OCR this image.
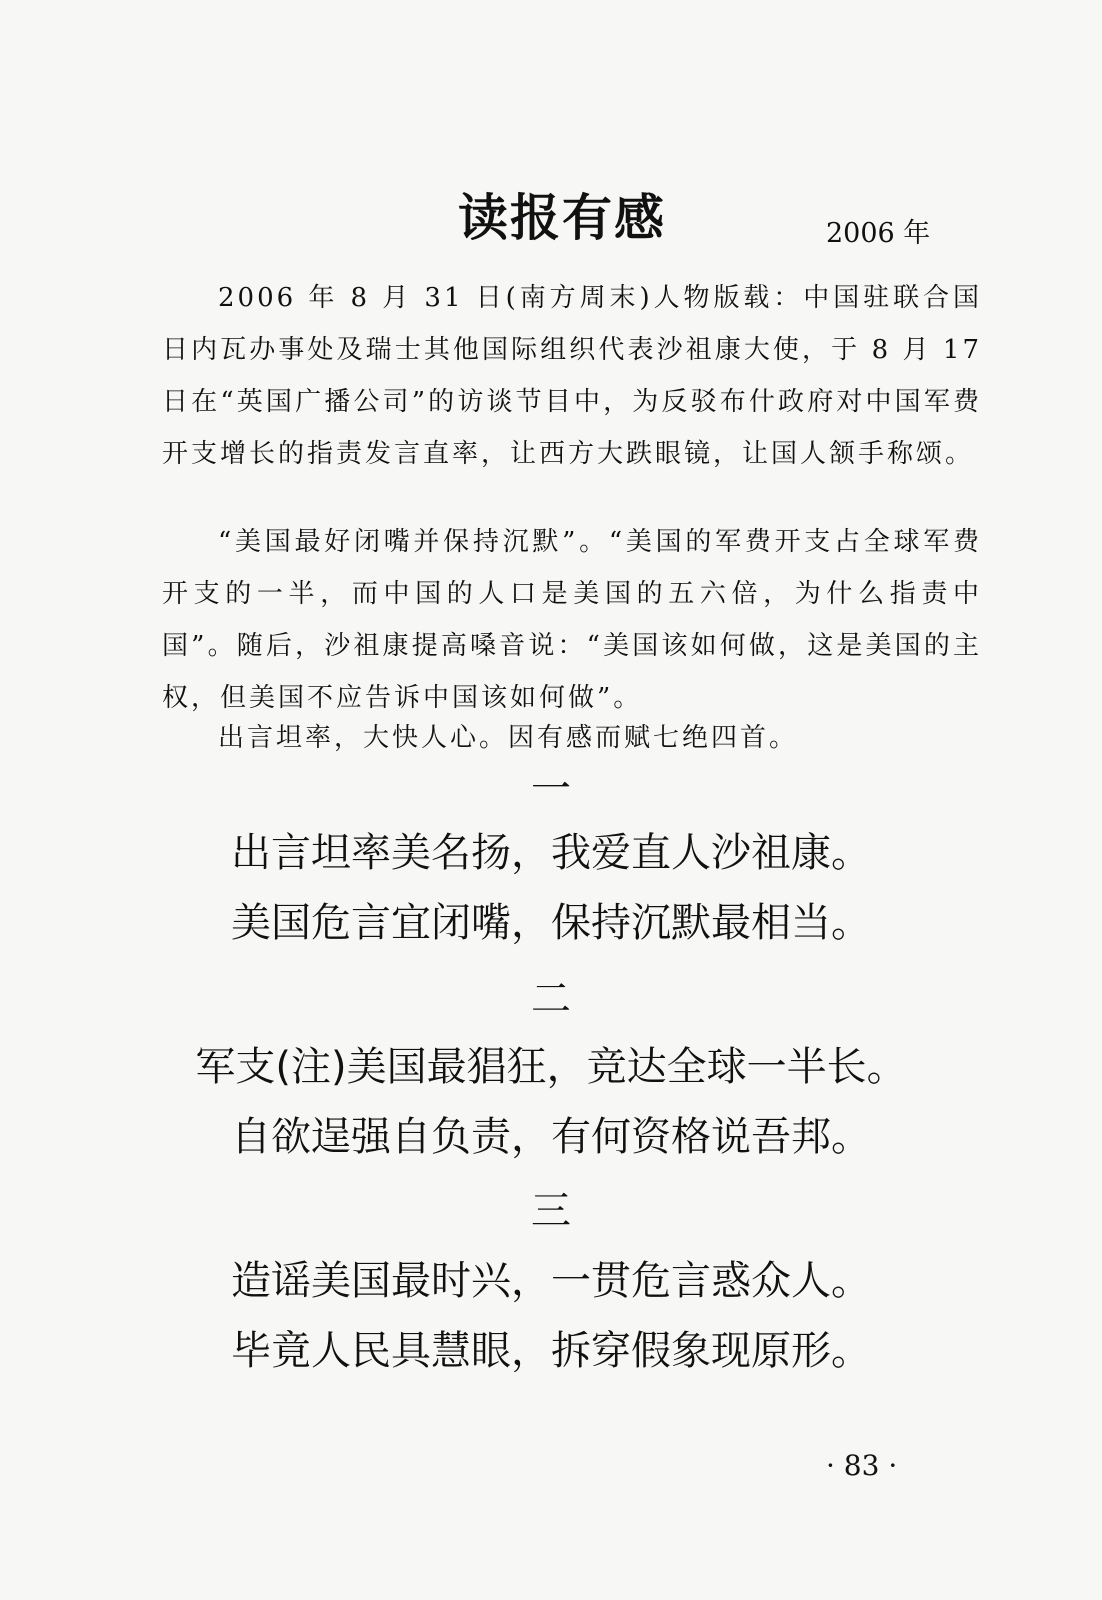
读报有感	2006 年

2006 年 8 月 31 日(南方周末)人物版载：中国驻联合国日内瓦办事处及瑞士其他国际组织代表沙祖康大使，于 8 月 17 日在“英国广播公司”的访谈节目中，为反驳布什政府对中国军费开支增长的指责发言直率，让西方大跌眼镜，让国人颔手称颂。

“美国最好闭嘴并保持沉默”。“美国的军费开支占全球军费开支的一半，而中国的人口是美国的五六倍，为什么指责中国”。随后，沙祖康提高嗓音说：“美国该如何做，这是美国的主权，但美国不应告诉中国该如何做”。

出言坦率，大快人心。因有感而赋七绝四首。

一
出言坦率美名扬，我爱直人沙祖康。
美国危言宜闭嘴，保持沉默最相当。
二
军支(注)美国最猖狂，竞达全球一半长。
自欲逞强自负责，有何资格说吾邦。
三
造谣美国最时兴，一贯危言惑众人。
毕竟人民具慧眼，拆穿假象现原形。
· 83 ·
